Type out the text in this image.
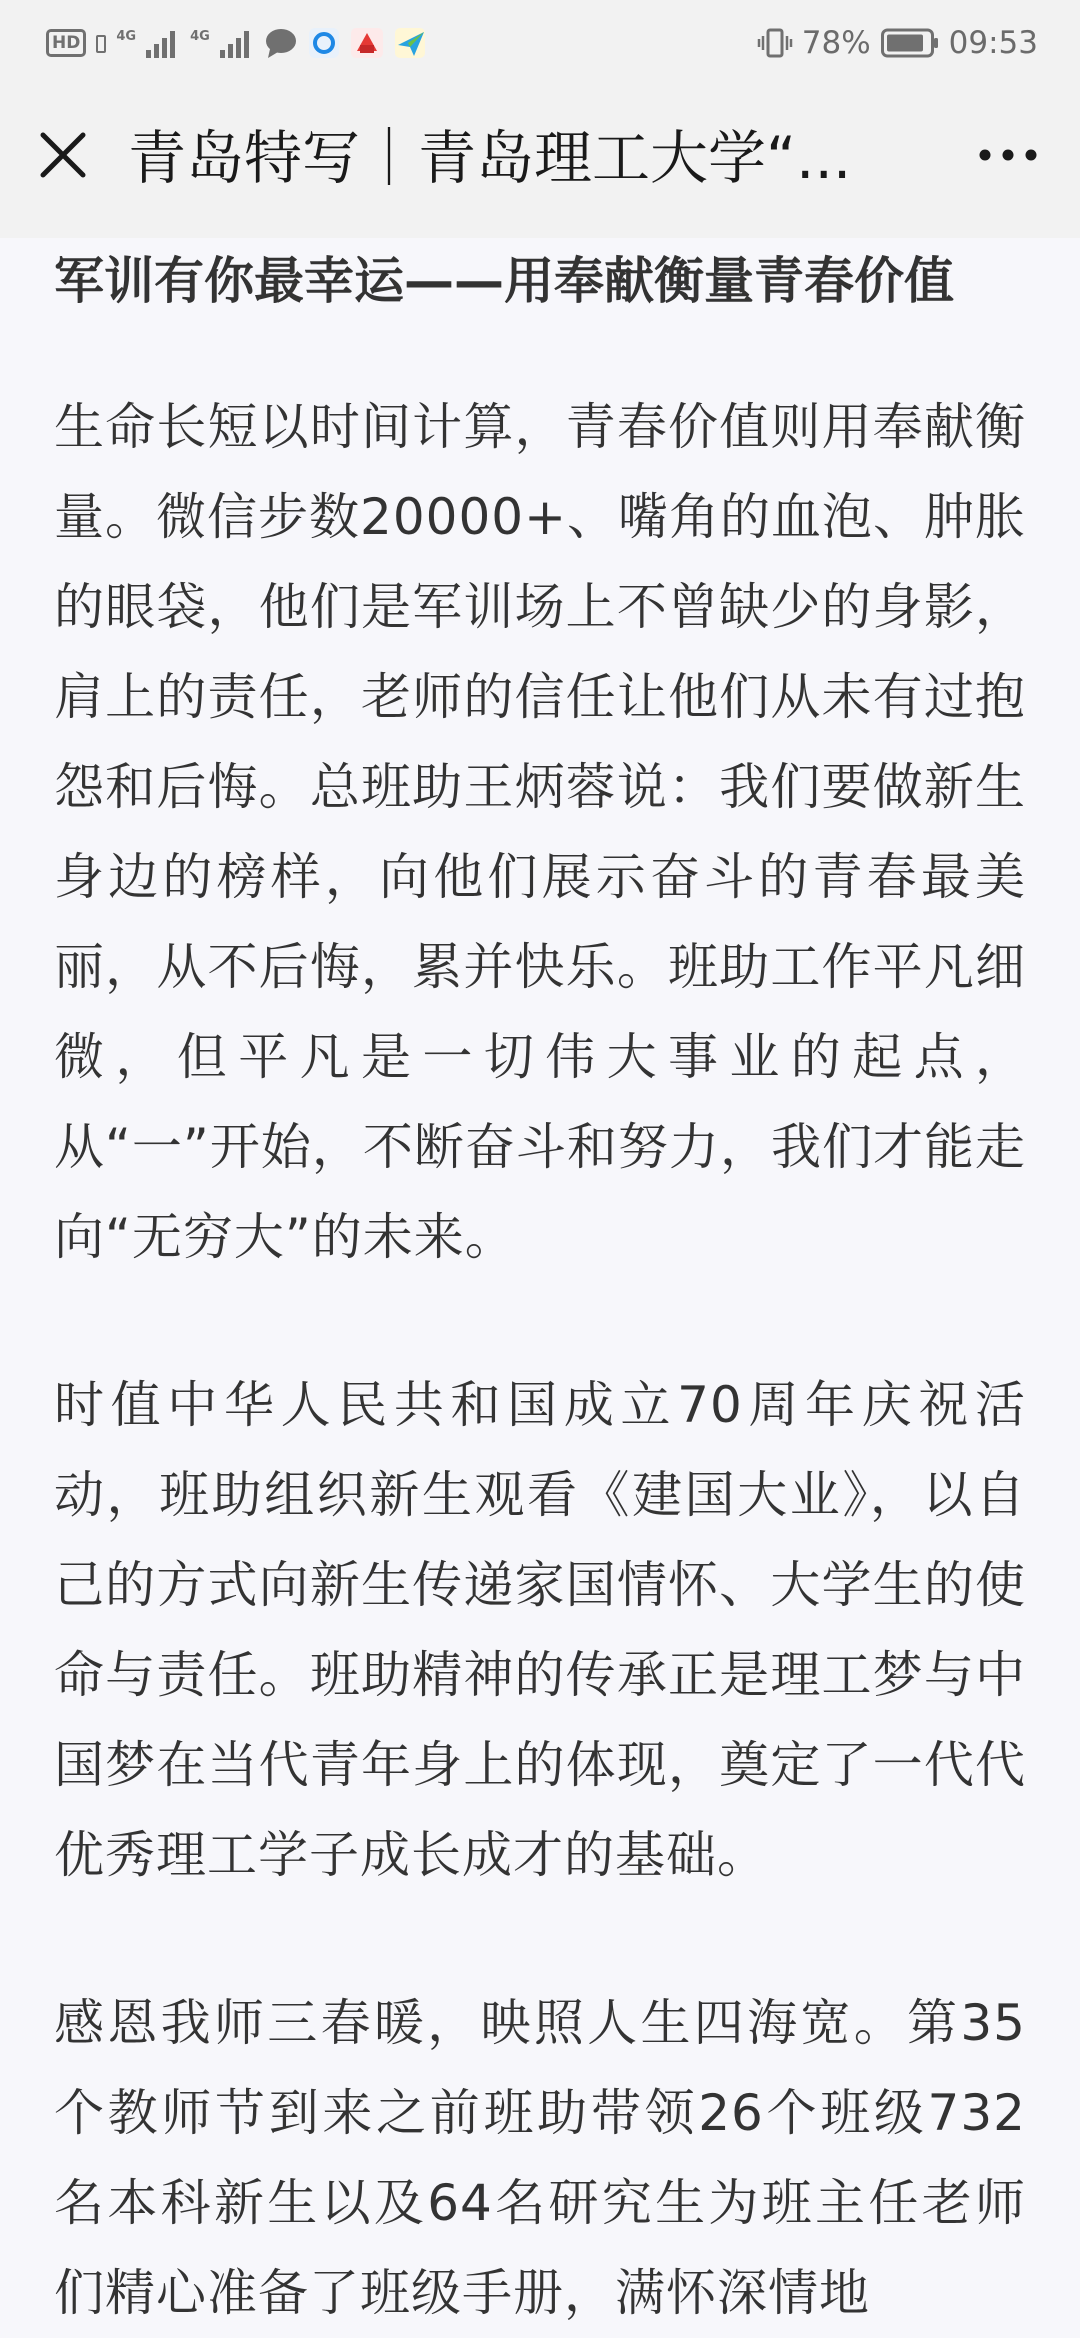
HD	4G	4G	78%	09:53
青岛特写｜青岛理工大学“...
军训有你最幸运——用奉献衡量青春价值

生命长短以时间计算，青春价值则用奉献衡量。微信步数20000+、嘴角的血泡、肿胀的眼袋，他们是军训场上不曾缺少的身影，肩上的责任，老师的信任让他们从未有过抱怨和后悔。总班助王炳蓉说：我们要做新生身边的榜样，向他们展示奋斗的青春最美丽，从不后悔，累并快乐。班助工作平凡细微，但平凡是一切伟大事业的起点，从“一”开始，不断奋斗和努力，我们才能走向“无穷大”的未来。

时值中华人民共和国成立70周年庆祝活动，班助组织新生观看《建国大业》，以自己的方式向新生传递家国情怀、大学生的使命与责任。班助精神的传承正是理工梦与中国梦在当代青年身上的体现，奠定了一代代优秀理工学子成长成才的基础。

感恩我师三春暖，映照人生四海宽。第35个教师节到来之前班助带领26个班级732名本科新生以及64名研究生为班主任老师们精心准备了班级手册，满怀深情地
